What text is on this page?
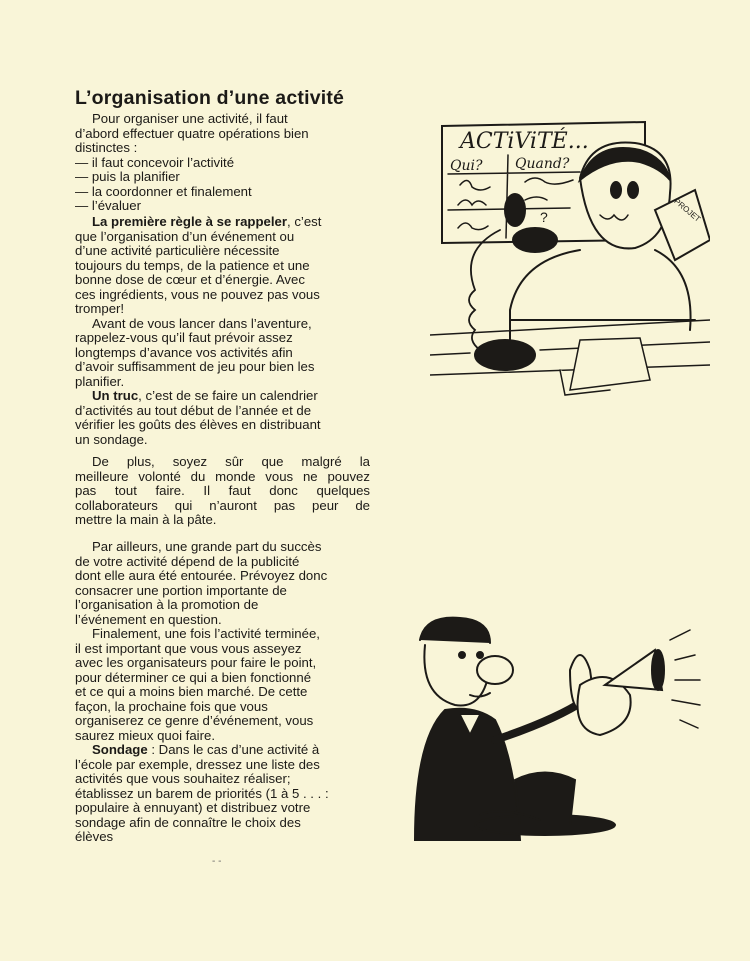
L’organisation d’une activité
Pour organiser une activité, il faut
d’abord effectuer quatre opérations bien
distinctes :
— il faut concevoir l’activité
— puis la planifier
— la coordonner et finalement
— l’évaluer
La première règle à se rappeler, c’est
que l’organisation d’un événement ou
d’une activité particulière nécessite
toujours du temps, de la patience et une
bonne dose de cœur et d’énergie. Avec
ces ingrédients, vous ne pouvez pas vous
tromper!
Avant de vous lancer dans l’aventure,
rappelez-vous qu’il faut prévoir assez
longtemps d’avance vos activités afin
d’avoir suffisamment de jeu pour bien les
planifier.
Un truc, c’est de se faire un calendrier
d’activités au tout début de l’année et de
vérifier les goûts des élèves en distribuant
un sondage.
De plus, soyez sûr que malgré la
meilleure volonté du monde vous ne pouvez
pas tout faire. Il faut donc quelques
collaborateurs qui n’auront pas peur de
mettre la main à la pâte.
Par ailleurs, une grande part du succès
de votre activité dépend de la publicité
dont elle aura été entourée. Prévoyez donc
consacrer une portion importante de
l’organisation à la promotion de
l’événement en question.
Finalement, une fois l’activité terminée,
il est important que vous vous asseyez
avec les organisateurs pour faire le point,
pour déterminer ce qui a bien fonctionné
et ce qui a moins bien marché. De cette
façon, la prochaine fois que vous
organiserez ce genre d’événement, vous
saurez mieux quoi faire.
Sondage : Dans le cas d’une activité à
l’école par exemple, dressez une liste des
activités que vous souhaitez réaliser;
établissez un barem de priorités (1 à 5 . . . :
populaire à ennuyant) et distribuez votre
sondage afin de connaître le choix des
élèves
- -
ACTiViTÉ...
Qui? Quand?
?	PROJET
